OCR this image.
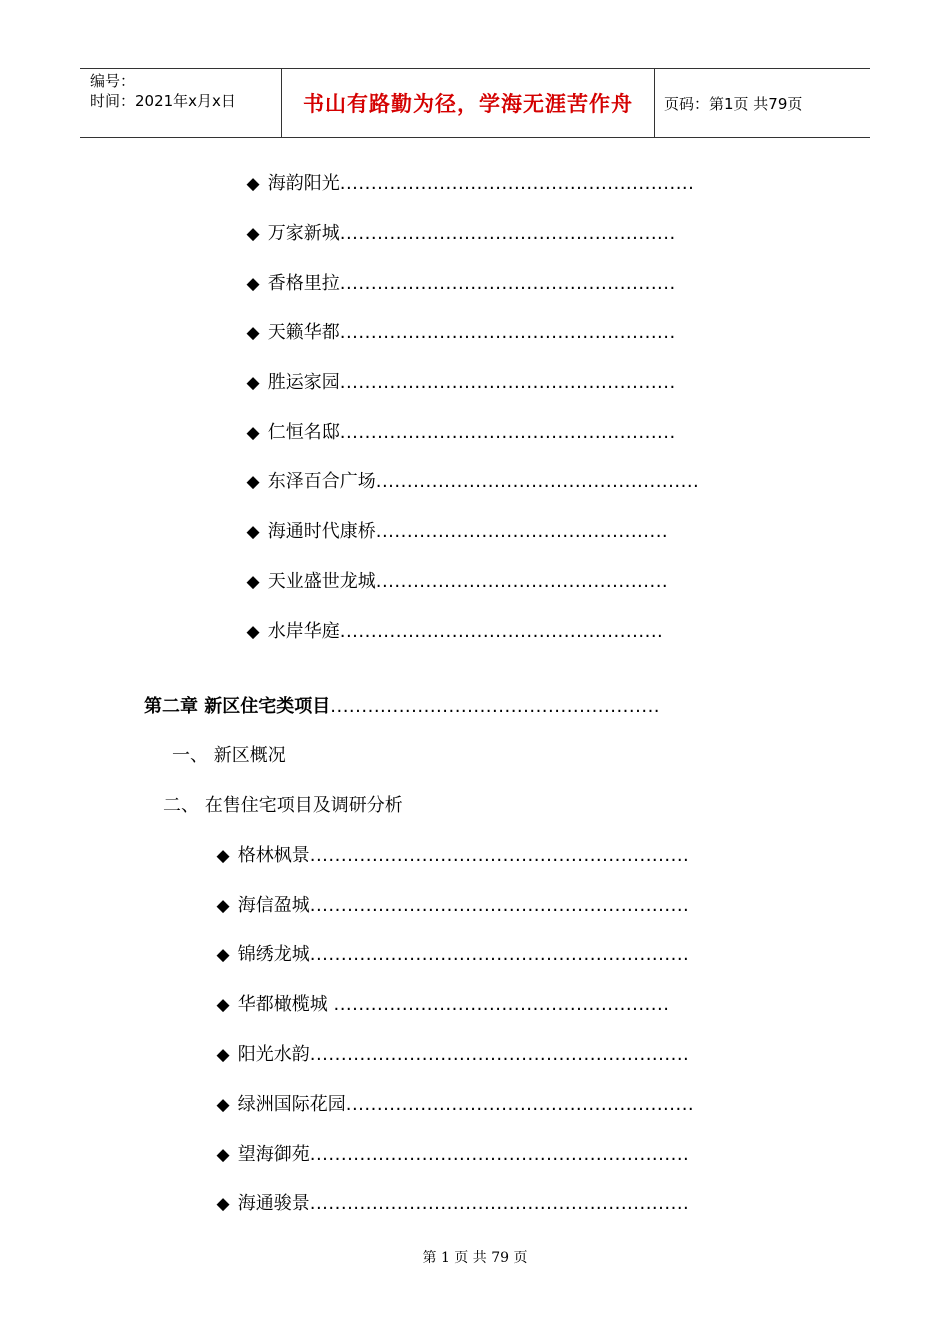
编号：
时间：2021年x月x日	书山有路勤为径，学海无涯苦作舟 页码：第1页 共79页
◆ 海韵阳光.........................................................
◆ 万家新城......................................................
◆ 香格里拉......................................................
◆ 天籁华都......................................................
◆ 胜运家园......................................................
◆ 仁恒名邸......................................................
◆ 东泽百合广场....................................................
◆ 海通时代康桥...............................................
◆ 天业盛世龙城...............................................
◆ 水岸华庭....................................................
第二章 新区住宅类项目.....................................................
一、 新区概况
二、 在售住宅项目及调研分析
◆ 格林枫景.............................................................
◆ 海信盈城.............................................................
◆ 锦绣龙城.............................................................
◆ 华都橄榄城 ......................................................
◆ 阳光水韵.............................................................
◆ 绿洲国际花园........................................................
◆ 望海御苑.............................................................
◆ 海通骏景.............................................................
第 1 页 共 79 页
